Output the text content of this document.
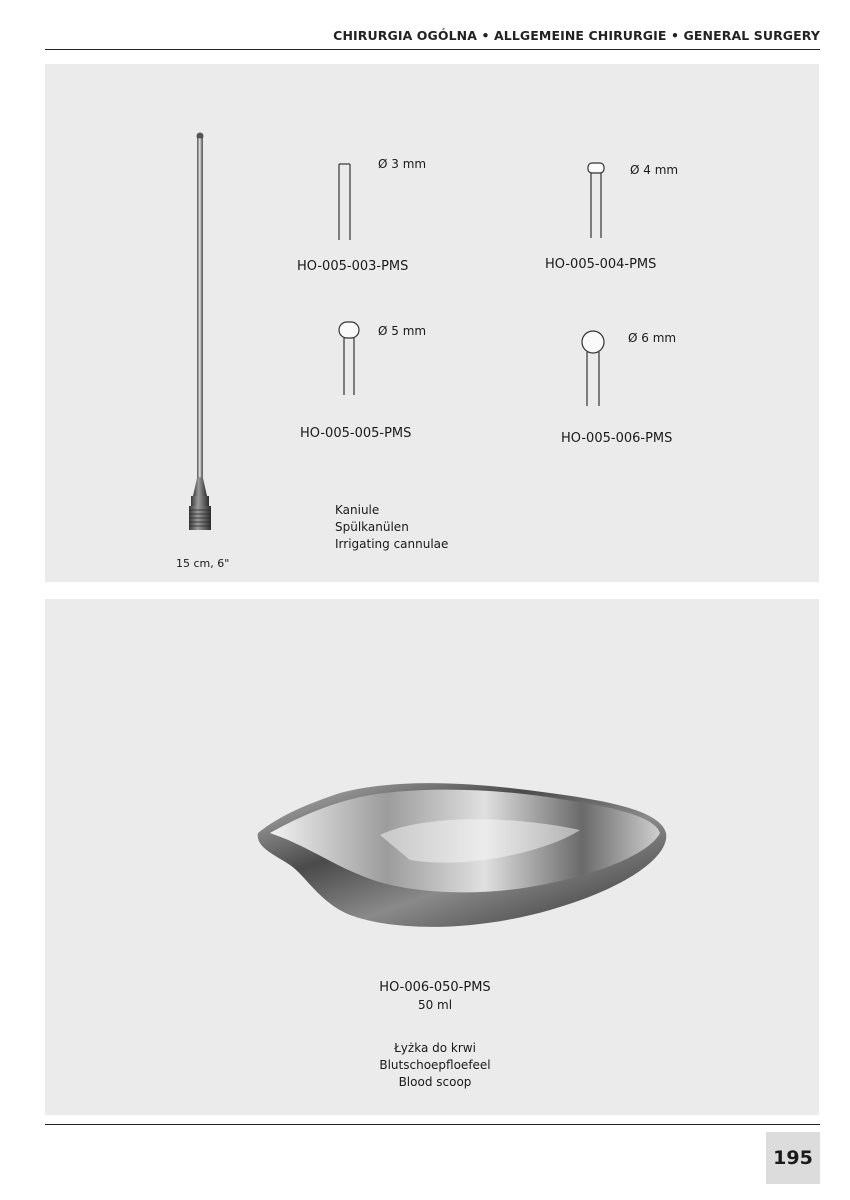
CHIRURGIA OGÓLNA • ALLGEMEINE CHIRURGIE • GENERAL SURGERY
15 cm, 6"
Ø 3 mm
HO-005-003-PMS
Ø 4 mm
HO-005-004-PMS
Ø 5 mm
HO-005-005-PMS
Ø 6 mm
HO-005-006-PMS
Kaniule
Spülkanülen
Irrigating cannulae
HO-006-050-PMS
50 ml
Łyżka do krwi
Blutschoepfloefeel
Blood scoop
195
